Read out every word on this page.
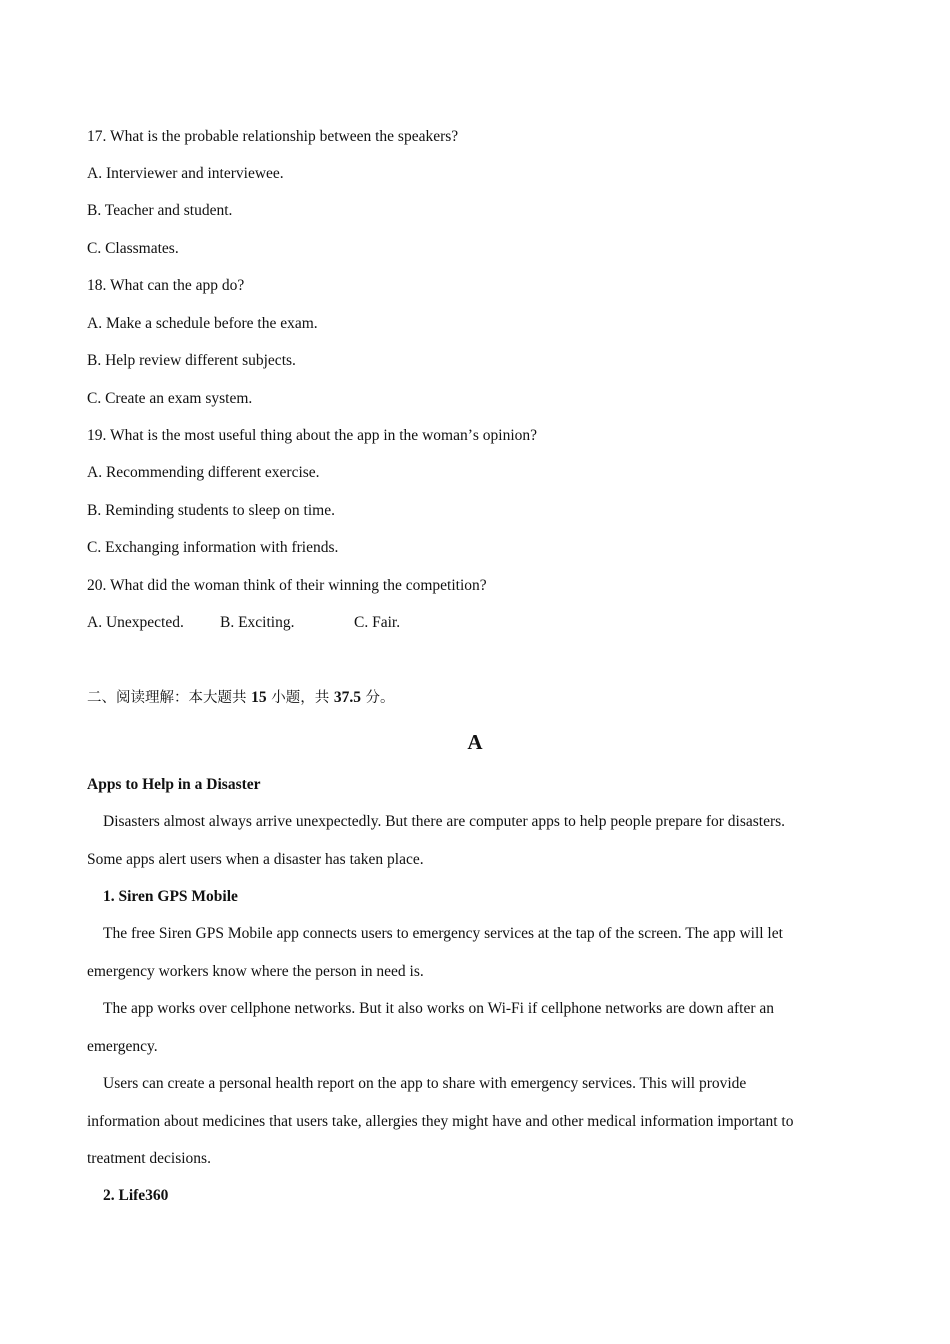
17. What is the probable relationship between the speakers?
A. Interviewer and interviewee.
B. Teacher and student.
C. Classmates.
18. What can the app do?
A. Make a schedule before the exam.
B. Help review different subjects.
C. Create an exam system.
19. What is the most useful thing about the app in the womanʼs opinion?
A. Recommending different exercise.
B. Reminding students to sleep on time.
C. Exchanging information with friends.
20. What did the woman think of their winning the competition?
A. Unexpected. B. Exciting.	C. Fair.
二、阅读理解：本大题共 15 小题，共 37.5 分。
A
Apps to Help in a Disaster
Disasters almost always arrive unexpectedly. But there are computer apps to help people prepare for disasters.
Some apps alert users when a disaster has taken place.
1. Siren GPS Mobile
The free Siren GPS Mobile app connects users to emergency services at the tap of the screen. The app will let
emergency workers know where the person in need is.
The app works over cellphone networks. But it also works on Wi-Fi if cellphone networks are down after an
emergency.
Users can create a personal health report on the app to share with emergency services. This will provide
information about medicines that users take, allergies they might have and other medical information important to
treatment decisions.
2. Life360
